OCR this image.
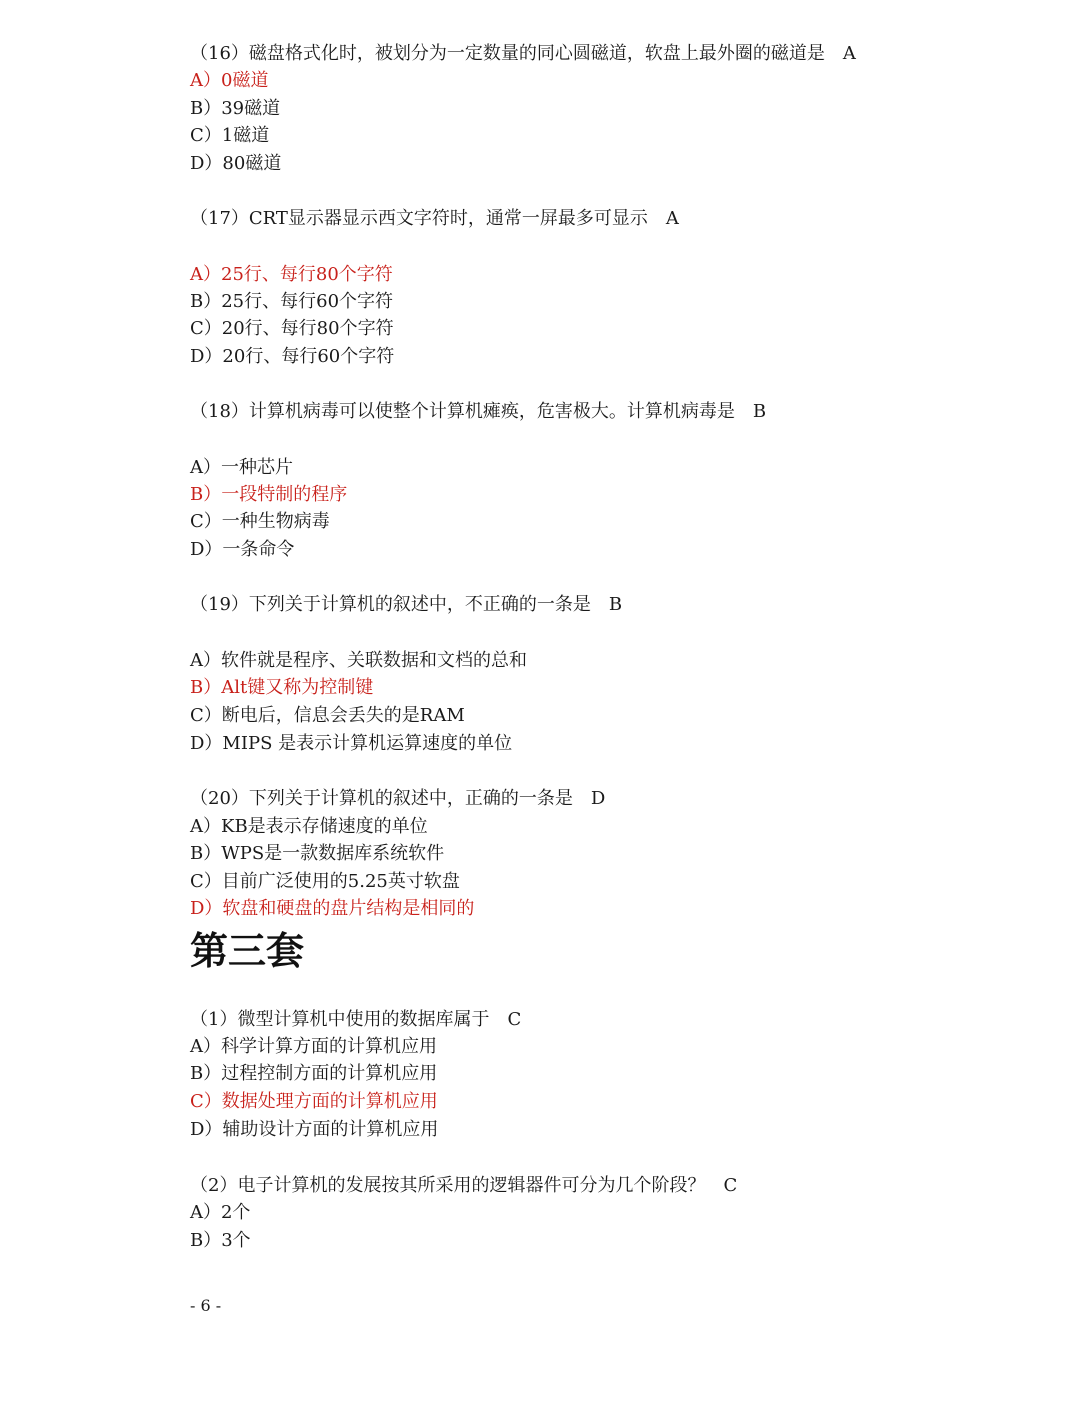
（16）磁盘格式化时，被划分为一定数量的同心圆磁道，软盘上最外圈的磁道是 A
A）0磁道
B）39磁道
C）1磁道
D）80磁道
（17）CRT显示器显示西文字符时，通常一屏最多可显示 A
A）25行、每行80个字符
B）25行、每行60个字符
C）20行、每行80个字符
D）20行、每行60个字符
（18）计算机病毒可以使整个计算机瘫痪，危害极大。计算机病毒是 B
A）一种芯片
B）一段特制的程序
C）一种生物病毒
D）一条命令
（19）下列关于计算机的叙述中，不正确的一条是 B
A）软件就是程序、关联数据和文档的总和
B）Alt键又称为控制键
C）断电后，信息会丢失的是RAM
D）MIPS 是表示计算机运算速度的单位
（20）下列关于计算机的叙述中，正确的一条是 D
A）KB是表示存储速度的单位
B）WPS是一款数据库系统软件
C）目前广泛使用的5.25英寸软盘
D）软盘和硬盘的盘片结构是相同的
第三套
（1）微型计算机中使用的数据库属于 C
A）科学计算方面的计算机应用
B）过程控制方面的计算机应用
C）数据处理方面的计算机应用
D）辅助设计方面的计算机应用
（2）电子计算机的发展按其所采用的逻辑器件可分为几个阶段？ C
A）2个
B）3个
- 6 -
